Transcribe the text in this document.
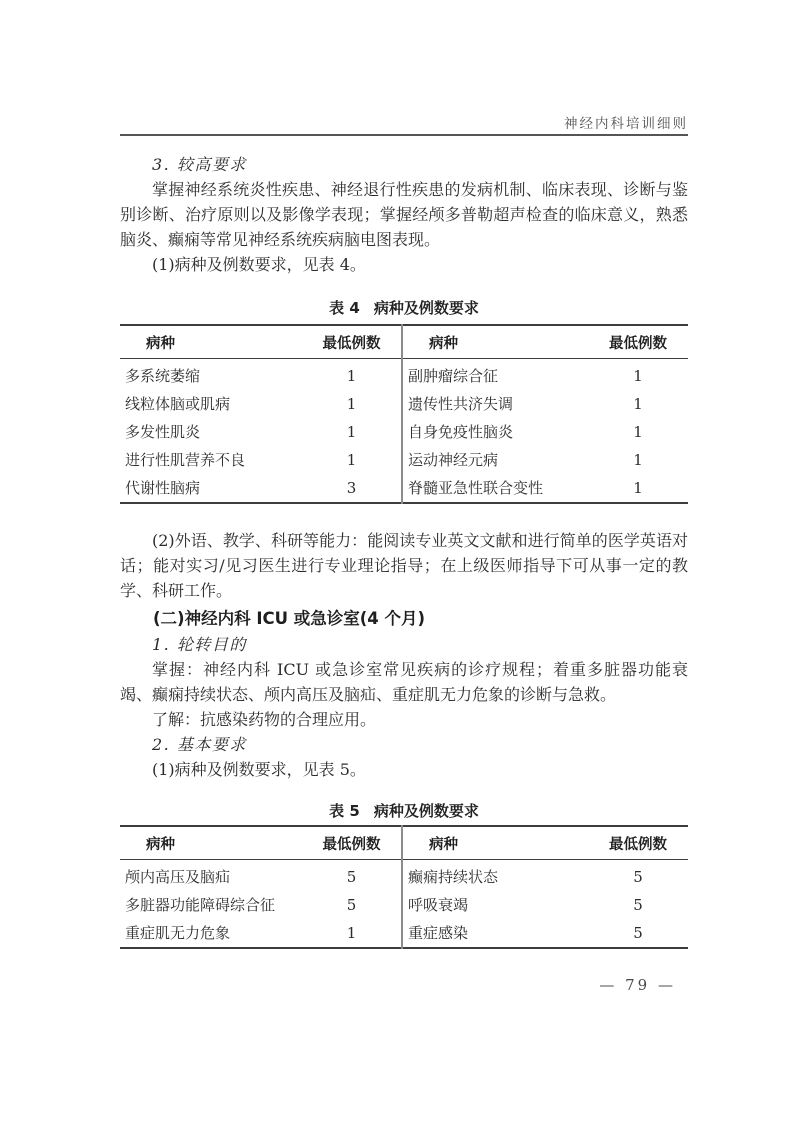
神经内科培训细则
3. 较高要求

掌握神经系统炎性疾患、神经退行性疾患的发病机制、临床表现、诊断与鉴别诊断、治疗原则以及影像学表现；掌握经颅多普勒超声检查的临床意义，熟悉脑炎、癫痫等常见神经系统疾病脑电图表现。

(1)病种及例数要求，见表 4。

表 4 病种及例数要求
病种	最低例数	病种	最低例数
多系统萎缩	1	副肿瘤综合征	1
线粒体脑或肌病	1	遗传性共济失调	1
多发性肌炎	1	自身免疫性脑炎	1
进行性肌营养不良	1	运动神经元病	1
代谢性脑病	3	脊髓亚急性联合变性	1

(2)外语、教学、科研等能力：能阅读专业英文文献和进行简单的医学英语对话；能对实习/见习医生进行专业理论指导；在上级医师指导下可从事一定的教学、科研工作。

(二)神经内科 ICU 或急诊室(4 个月)
1. 轮转目的

掌握：神经内科 ICU 或急诊室常见疾病的诊疗规程；着重多脏器功能衰竭、癫痫持续状态、颅内高压及脑疝、重症肌无力危象的诊断与急救。

了解：抗感染药物的合理应用。

2. 基本要求

(1)病种及例数要求，见表 5。

表 5 病种及例数要求
病种	最低例数	病种	最低例数
颅内高压及脑疝	5	癫痫持续状态	5
多脏器功能障碍综合征	5	呼吸衰竭	5
重症肌无力危象	1	重症感染	5
— 79 —
